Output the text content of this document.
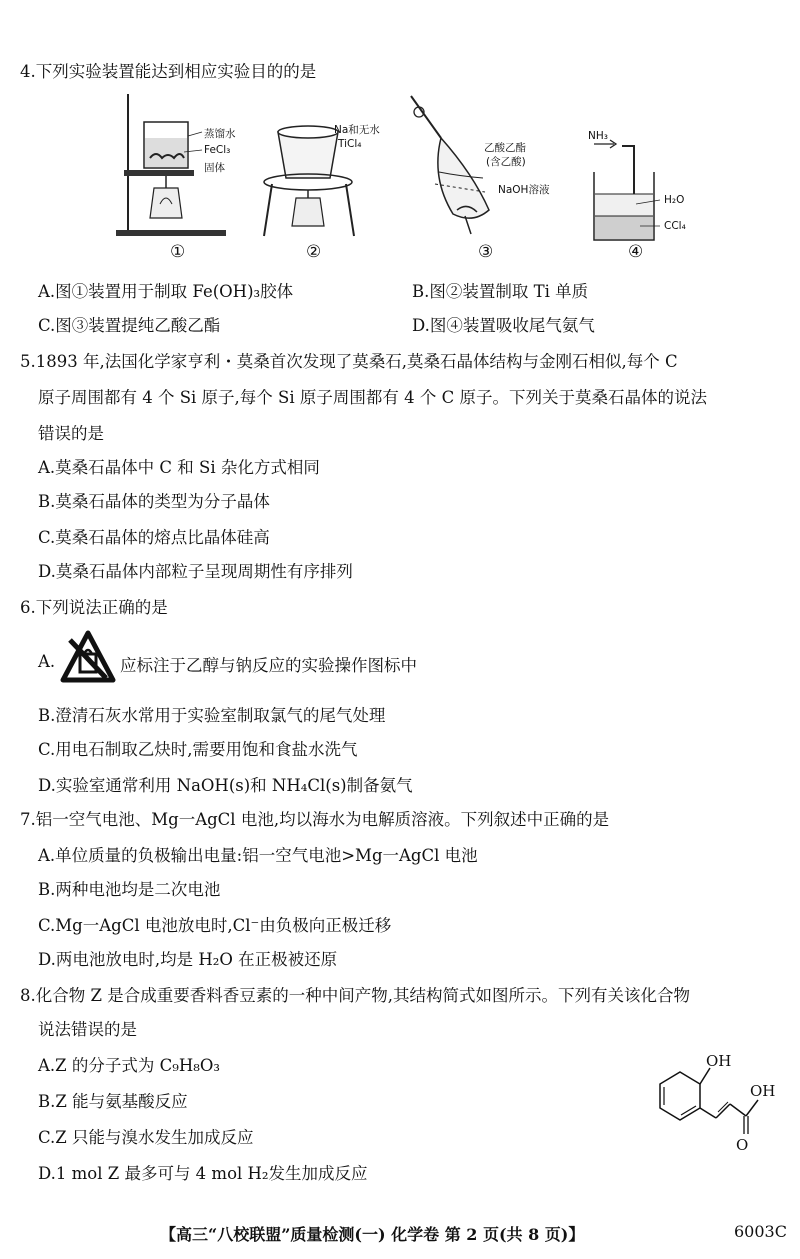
4.下列实验装置能达到相应实验目的的是
蒸馏水
FeCl₃
固体
①
Na和无水
TiCl₄
②
乙酸乙酯
(含乙酸)
NaOH溶液
③
NH₃
H₂O
CCl₄
④
A.图①装置用于制取 Fe(OH)₃胶体	B.图②装置制取 Ti 单质
C.图③装置提纯乙酸乙酯	D.图④装置吸收尾气氨气
5.1893 年,法国化学家亨利・莫桑首次发现了莫桑石,莫桑石晶体结构与金刚石相似,每个 C
原子周围都有 4 个 Si 原子,每个 Si 原子周围都有 4 个 C 原子。下列关于莫桑石晶体的说法
错误的是
A.莫桑石晶体中 C 和 Si 杂化方式相同
B.莫桑石晶体的类型为分子晶体
C.莫桑石晶体的熔点比晶体硅高
D.莫桑石晶体内部粒子呈现周期性有序排列
6.下列说法正确的是
A.	应标注于乙醇与钠反应的实验操作图标中
B.澄清石灰水常用于实验室制取氯气的尾气处理
C.用电石制取乙炔时,需要用饱和食盐水洗气
D.实验室通常利用 NaOH(s)和 NH₄Cl(s)制备氨气
7.铝一空气电池、Mg一AgCl 电池,均以海水为电解质溶液。下列叙述中正确的是
A.单位质量的负极输出电量:铝一空气电池>Mg一AgCl 电池
B.两种电池均是二次电池
C.Mg一AgCl 电池放电时,Cl⁻由负极向正极迁移
D.两电池放电时,均是 H₂O 在正极被还原
8.化合物 Z 是合成重要香料香豆素的一种中间产物,其结构简式如图所示。下列有关该化合物
说法错误的是
A.Z 的分子式为 C₉H₈O₃
B.Z 能与氨基酸反应
C.Z 只能与溴水发生加成反应
D.1 mol Z 最多可与 4 mol H₂发生加成反应
OH
OH
O
【高三“八校联盟”质量检测(一) 化学卷 第 2 页(共 8 页)】	6003C
